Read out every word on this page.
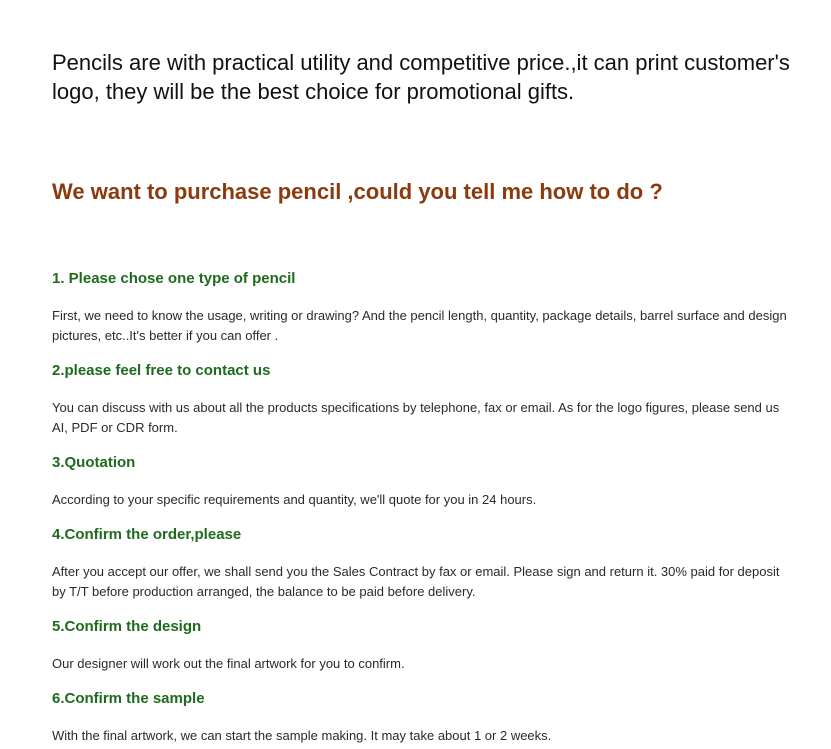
Pencils are with practical utility and competitive price.,it can print customer's logo, they will be the best choice for promotional gifts.

We want to purchase pencil ,could you tell me how to do ?
1. Please chose one type of pencil

First, we need to know the usage, writing or drawing? And the pencil length, quantity, package details, barrel surface and design pictures, etc..It's better if you can offer .

2.please feel free to contact us

You can discuss with us about all the products specifications by telephone, fax or email. As for the logo figures, please send us AI, PDF or CDR form.

3.Quotation

According to your specific requirements and quantity, we'll quote for you in 24 hours.

4.Confirm the order,please

After you accept our offer, we shall send you the Sales Contract by fax or email. Please sign and return it. 30% paid for deposit by T/T before production arranged, the balance to be paid before delivery.

5.Confirm the design

Our designer will work out the final artwork for you to confirm.

6.Confirm the sample

With the final artwork, we can start the sample making. It may take about 1 or 2 weeks.
